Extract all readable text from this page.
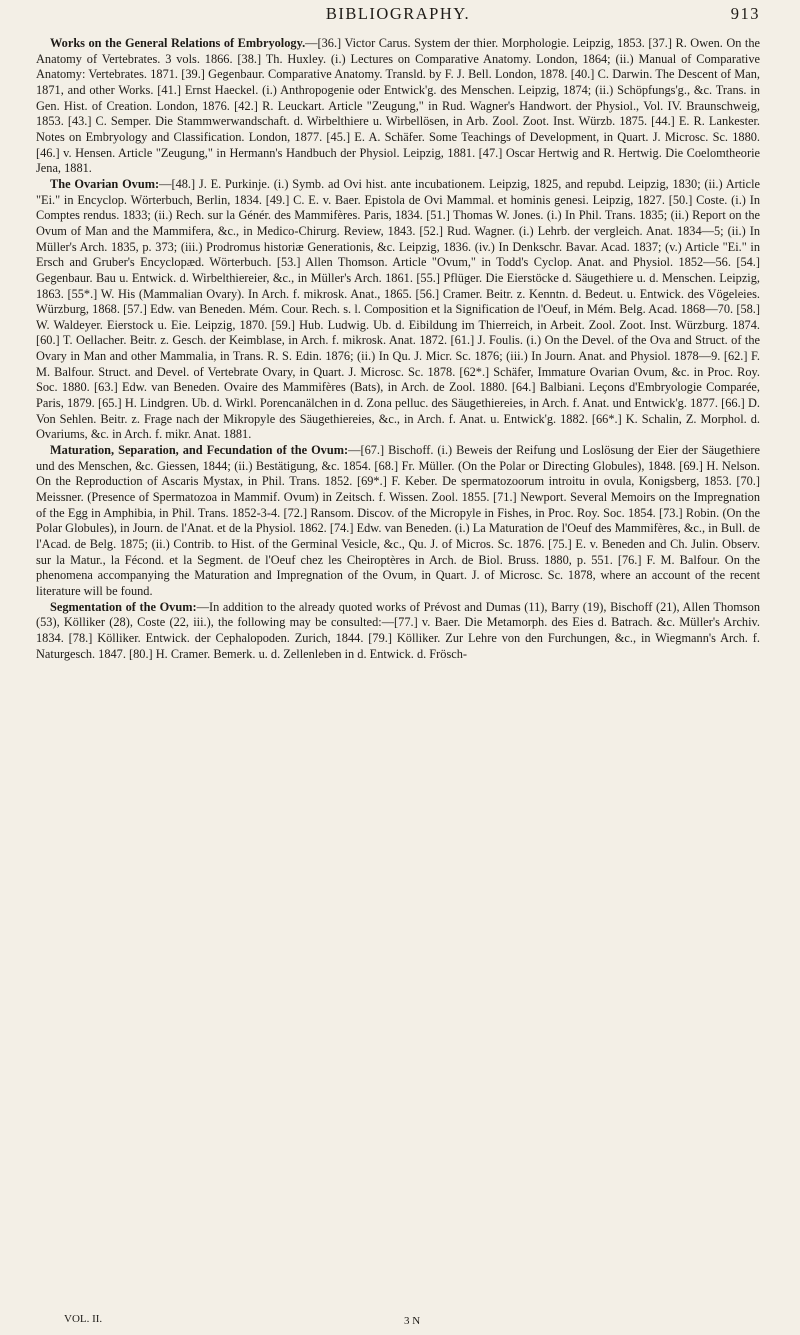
BIBLIOGRAPHY.	913

Works on the General Relations of Embryology.—[36.] Victor Carus. System der thier. Morphologie. Leipzig, 1853. [37.] R. Owen. On the Anatomy of Vertebrates. 3 vols. 1866. [38.] Th. Huxley. (i.) Lectures on Comparative Anatomy. London, 1864; (ii.) Manual of Comparative Anatomy: Vertebrates. 1871. [39.] Gegenbaur. Comparative Anatomy. Transld. by F. J. Bell. London, 1878. [40.] C. Darwin. The Descent of Man, 1871, and other Works. [41.] Ernst Haeckel. (i.) Anthropogenie oder Entwick'g. des Menschen. Leipzig, 1874; (ii.) Schöpfungs'g., &c. Trans. in Gen. Hist. of Creation. London, 1876. [42.] R. Leuckart. Article "Zeugung," in Rud. Wagner's Handwort. der Physiol., Vol. IV. Braunschweig, 1853. [43.] C. Semper. Die Stammwerwandschaft. d. Wirbelthiere u. Wirbellösen, in Arb. Zool. Zoot. Inst. Würzb. 1875. [44.] E. R. Lankester. Notes on Embryology and Classification. London, 1877. [45.] E. A. Schäfer. Some Teachings of Development, in Quart. J. Microsc. Sc. 1880. [46.] v. Hensen. Article "Zeugung," in Hermann's Handbuch der Physiol. Leipzig, 1881. [47.] Oscar Hertwig and R. Hertwig. Die Coelomtheorie Jena, 1881.

The Ovarian Ovum:—[48.] J. E. Purkinje. (i.) Symb. ad Ovi hist. ante incubationem. Leipzig, 1825, and repubd. Leipzig, 1830; (ii.) Article "Ei." in Encyclop. Wörterbuch, Berlin, 1834. [49.] C. E. v. Baer. Epistola de Ovi Mammal. et hominis genesi. Leipzig, 1827. [50.] Coste. (i.) In Comptes rendus. 1833; (ii.) Rech. sur la Génér. des Mammifères. Paris, 1834. [51.] Thomas W. Jones. (i.) In Phil. Trans. 1835; (ii.) Report on the Ovum of Man and the Mammifera, &c., in Medico-Chirurg. Review, 1843. [52.] Rud. Wagner. (i.) Lehrb. der vergleich. Anat. 1834—5; (ii.) In Müller's Arch. 1835, p. 373; (iii.) Prodromus historiæ Generationis, &c. Leipzig, 1836. (iv.) In Denkschr. Bavar. Acad. 1837; (v.) Article "Ei." in Ersch and Gruber's Encyclopæd. Wörterbuch. [53.] Allen Thomson. Article "Ovum," in Todd's Cyclop. Anat. and Physiol. 1852—56. [54.] Gegenbaur. Bau u. Entwick. d. Wirbelthiereier, &c., in Müller's Arch. 1861. [55.] Pflüger. Die Eierstöcke d. Säugethiere u. d. Menschen. Leipzig, 1863. [55*.] W. His (Mammalian Ovary). In Arch. f. mikrosk. Anat., 1865. [56.] Cramer. Beitr. z. Kenntn. d. Bedeut. u. Entwick. des Vögeleies. Würzburg, 1868. [57.] Edw. van Beneden. Mém. Cour. Rech. s. l. Composition et la Signification de l'Oeuf, in Mém. Belg. Acad. 1868—70. [58.] W. Waldeyer. Eierstock u. Eie. Leipzig, 1870. [59.] Hub. Ludwig. Ub. d. Eibildung im Thierreich, in Arbeit. Zool. Zoot. Inst. Würzburg. 1874. [60.] T. Oellacher. Beitr. z. Gesch. der Keimblase, in Arch. f. mikrosk. Anat. 1872. [61.] J. Foulis. (i.) On the Devel. of the Ova and Struct. of the Ovary in Man and other Mammalia, in Trans. R. S. Edin. 1876; (ii.) In Qu. J. Micr. Sc. 1876; (iii.) In Journ. Anat. and Physiol. 1878—9. [62.] F. M. Balfour. Struct. and Devel. of Vertebrate Ovary, in Quart. J. Microsc. Sc. 1878. [62*.] Schäfer, Immature Ovarian Ovum, &c. in Proc. Roy. Soc. 1880. [63.] Edw. van Beneden. Ovaire des Mammifères (Bats), in Arch. de Zool. 1880. [64.] Balbiani. Leçons d'Embryologie Comparée, Paris, 1879. [65.] H. Lindgren. Ub. d. Wirkl. Porencanälchen in d. Zona pelluc. des Säugethiereies, in Arch. f. Anat. und Entwick'g. 1877. [66.] D. Von Sehlen. Beitr. z. Frage nach der Mikropyle des Säugethiereies, &c., in Arch. f. Anat. u. Entwick'g. 1882. [66*.] K. Schalin, Z. Morphol. d. Ovariums, &c. in Arch. f. mikr. Anat. 1881.

Maturation, Separation, and Fecundation of the Ovum:—[67.] Bischoff. (i.) Beweis der Reifung und Loslösung der Eier der Säugethiere und des Menschen, &c. Giessen, 1844; (ii.) Bestätigung, &c. 1854. [68.] Fr. Müller. (On the Polar or Directing Globules), 1848. [69.] H. Nelson. On the Reproduction of Ascaris Mystax, in Phil. Trans. 1852. [69*.] F. Keber. De spermatozoorum introitu in ovula, Konigsberg, 1853. [70.] Meissner. (Presence of Spermatozoa in Mammif. Ovum) in Zeitsch. f. Wissen. Zool. 1855. [71.] Newport. Several Memoirs on the Impregnation of the Egg in Amphibia, in Phil. Trans. 1852-3-4. [72.] Ransom. Discov. of the Micropyle in Fishes, in Proc. Roy. Soc. 1854. [73.] Robin. (On the Polar Globules), in Journ. de l'Anat. et de la Physiol. 1862. [74.] Edw. van Beneden. (i.) La Maturation de l'Oeuf des Mammifères, &c., in Bull. de l'Acad. de Belg. 1875; (ii.) Contrib. to Hist. of the Germinal Vesicle, &c., Qu. J. of Micros. Sc. 1876. [75.] E. v. Beneden and Ch. Julin. Observ. sur la Matur., la Fécond. et la Segment. de l'Oeuf chez les Cheiroptères in Arch. de Biol. Bruss. 1880, p. 551. [76.] F. M. Balfour. On the phenomena accompanying the Maturation and Impregnation of the Ovum, in Quart. J. of Microsc. Sc. 1878, where an account of the recent literature will be found.

Segmentation of the Ovum:—In addition to the already quoted works of Prévost and Dumas (11), Barry (19), Bischoff (21), Allen Thomson (53), Kölliker (28), Coste (22, iii.), the following may be consulted:—[77.] v. Baer. Die Metamorph. des Eies d. Batrach. &c. Müller's Archiv. 1834. [78.] Kölliker. Entwick. der Cephalopoden. Zurich, 1844. [79.] Kölliker. Zur Lehre von den Furchungen, &c., in Wiegmann's Arch. f. Naturgesch. 1847. [80.] H. Cramer. Bemerk. u. d. Zellenleben in d. Entwick. d. Frösch-

VOL. II.	3 N
